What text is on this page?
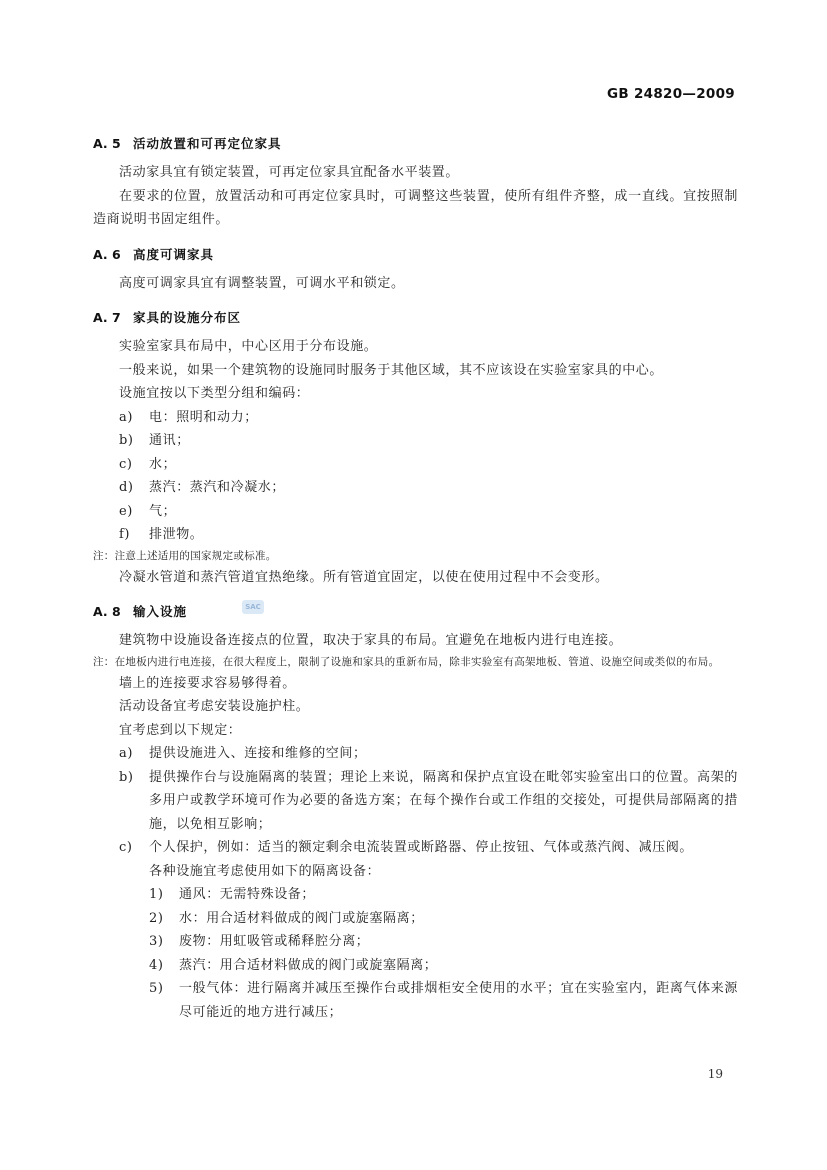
GB 24820—2009
A. 5 活动放置和可再定位家具
活动家具宜有锁定装置，可再定位家具宜配备水平装置。
在要求的位置，放置活动和可再定位家具时，可调整这些装置，使所有组件齐整，成一直线。宜按照制造商说明书固定组件。
A. 6 高度可调家具
高度可调家具宜有调整装置，可调水平和锁定。
A. 7 家具的设施分布区
实验室家具布局中，中心区用于分布设施。
一般来说，如果一个建筑物的设施同时服务于其他区域，其不应该设在实验室家具的中心。
设施宜按以下类型分组和编码：
a)	电：照明和动力；
b)	通讯；
c)	水；
d)	蒸汽：蒸汽和冷凝水；
e)	气；
f)	排泄物。
注：注意上述适用的国家规定或标准。
冷凝水管道和蒸汽管道宜热绝缘。所有管道宜固定，以使在使用过程中不会变形。
A. 8 输入设施
建筑物中设施设备连接点的位置，取决于家具的布局。宜避免在地板内进行电连接。
注：在地板内进行电连接，在很大程度上，限制了设施和家具的重新布局，除非实验室有高架地板、管道、设施空间或类似的布局。
墙上的连接要求容易够得着。
活动设备宜考虑安装设施护柱。
宜考虑到以下规定：
a)	提供设施进入、连接和维修的空间；
b)	提供操作台与设施隔离的装置；理论上来说，隔离和保护点宜设在毗邻实验室出口的位置。高架的多用户或教学环境可作为必要的备选方案；在每个操作台或工作组的交接处，可提供局部隔离的措施，以免相互影响；
c)	个人保护，例如：适当的额定剩余电流装置或断路器、停止按钮、气体或蒸汽阀、减压阀。
各种设施宜考虑使用如下的隔离设备：
1)	通风：无需特殊设备；
2)	水：用合适材料做成的阀门或旋塞隔离；
3)	废物：用虹吸管或稀释腔分离；
4)	蒸汽：用合适材料做成的阀门或旋塞隔离；
5)	一般气体：进行隔离并减压至操作台或排烟柜安全使用的水平；宜在实验室内，距离气体来源尽可能近的地方进行减压；
SAC
19
